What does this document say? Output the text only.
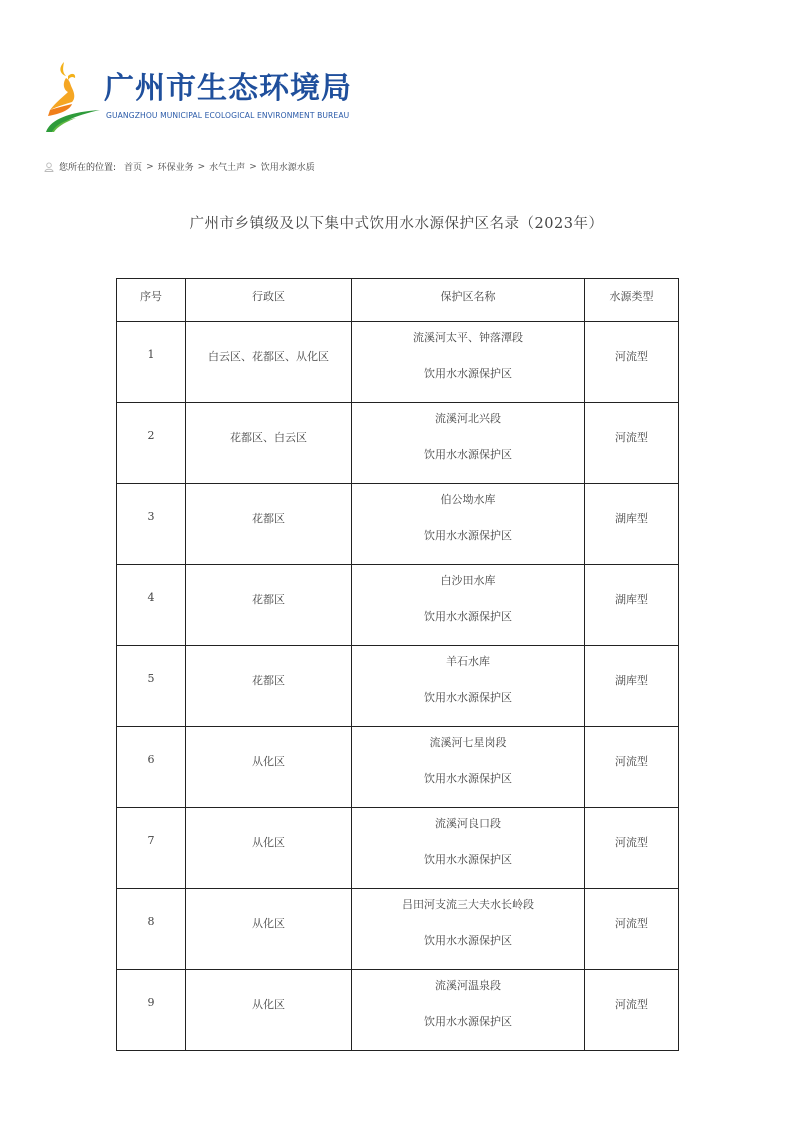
广州市生态环境局
GUANGZHOU MUNICIPAL ECOLOGICAL ENVIRONMENT BUREAU
您所在的位置: 首页 > 环保业务 > 水气土声 > 饮用水源水质
广州市乡镇级及以下集中式饮用水水源保护区名录（2023年）
序号	行政区	保护区名称	水源类型

1	白云区、花都区、从化区	流溪河太平、钟落潭段
饮用水水源保护区	河流型

2	花都区、白云区	流溪河北兴段
饮用水水源保护区	河流型

3	花都区	伯公坳水库
饮用水水源保护区	湖库型

4	花都区	白沙田水库
饮用水水源保护区	湖库型

5	花都区	羊石水库
饮用水水源保护区	湖库型

6	从化区	流溪河七星岗段
饮用水水源保护区	河流型

7	从化区	流溪河良口段
饮用水水源保护区	河流型

8	从化区	吕田河支流三大夫水长岭段
饮用水水源保护区	河流型

9	从化区	流溪河温泉段
饮用水水源保护区	河流型
